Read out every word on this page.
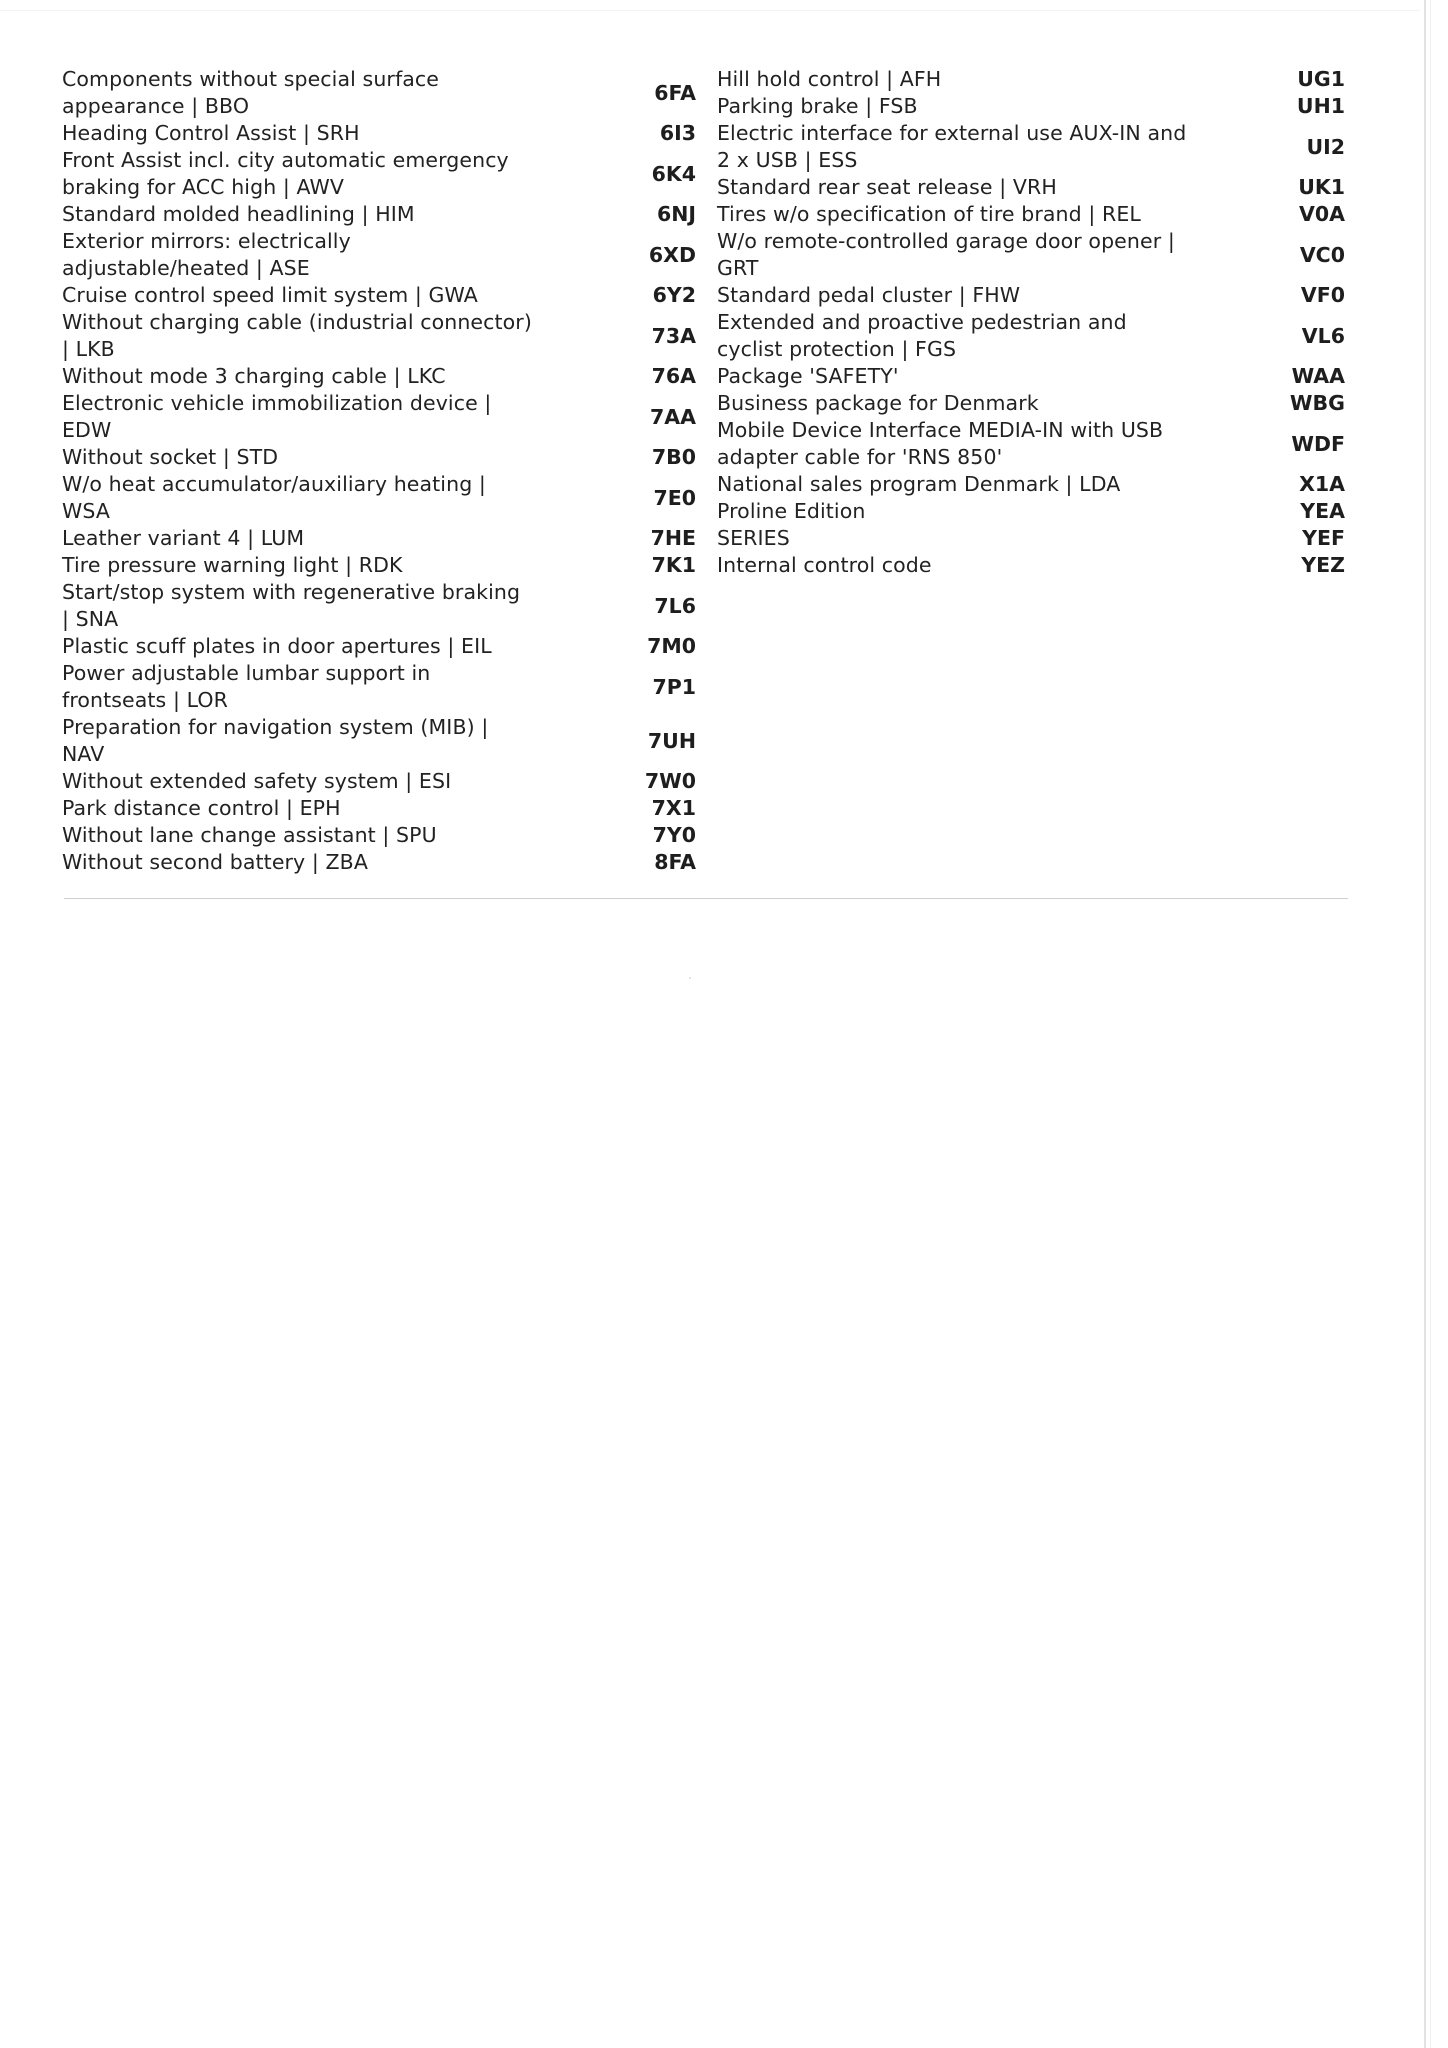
Components without special surface appearance | BBO
6FA
Heading Control Assist | SRH	6I3
Front Assist incl. city automatic emergency braking for ACC high | AWV
6K4
Standard molded headlining | HIM	6NJ
Exterior mirrors: electrically adjustable/heated | ASE
6XD
Cruise control speed limit system | GWA	6Y2
Without charging cable (industrial connector) | LKB
73A
Without mode 3 charging cable | LKC	76A
Electronic vehicle immobilization device | EDW
7AA
Without socket | STD	7B0
W/o heat accumulator/auxiliary heating | WSA
7E0
Leather variant 4 | LUM	7HE
Tire pressure warning light | RDK	7K1
Start/stop system with regenerative braking | SNA
7L6
Plastic scuff plates in door apertures | EIL	7M0
Power adjustable lumbar support in frontseats | LOR
7P1
Preparation for navigation system (MIB) | NAV
7UH
Without extended safety system | ESI	7W0
Park distance control | EPH	7X1
Without lane change assistant | SPU	7Y0
Without second battery | ZBA	8FA
Hill hold control | AFH	UG1
Parking brake | FSB	UH1
Electric interface for external use AUX-IN and 2 x USB | ESS
UI2
Standard rear seat release | VRH	UK1
Tires w/o specification of tire brand | REL	V0A
W/o remote-controlled garage door opener | GRT
VC0
Standard pedal cluster | FHW	VF0
Extended and proactive pedestrian and cyclist protection | FGS
VL6
Package 'SAFETY'	WAA
Business package for Denmark	WBG
Mobile Device Interface MEDIA-IN with USB adapter cable for 'RNS 850'
WDF
National sales program Denmark | LDA	X1A
Proline Edition	YEA
SERIES	YEF
Internal control code	YEZ
